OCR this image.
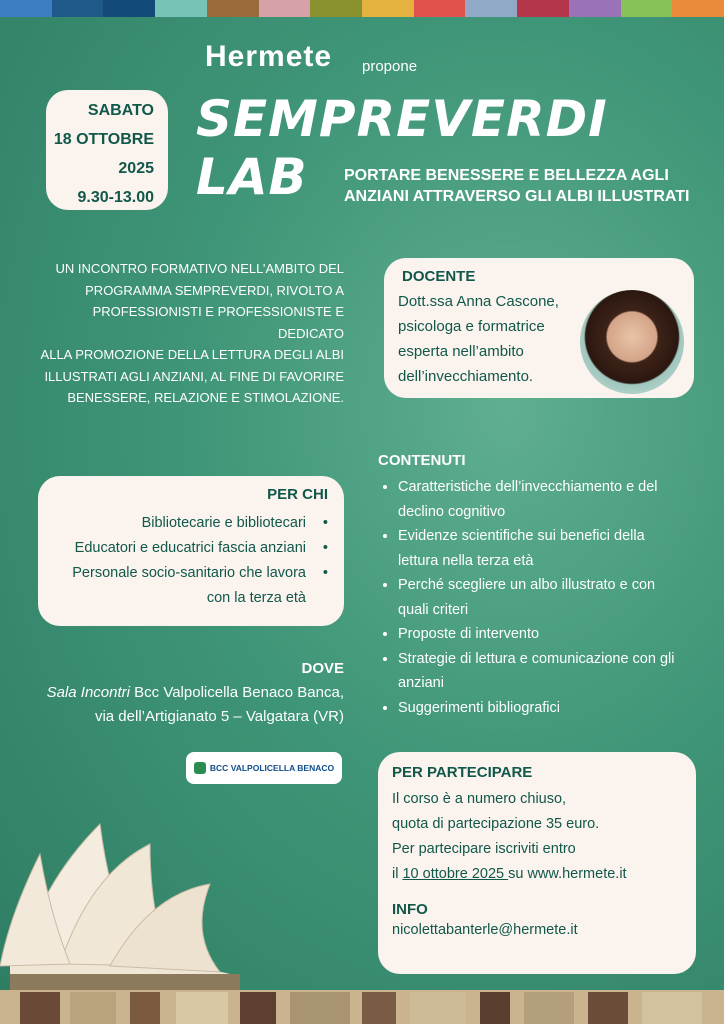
Hermete propone
SABATO
18 OTTOBRE
2025
9.30-13.00
SEMPREVERDI
LAB PORTARE BENESSERE E BELLEZZA AGLI
ANZIANI ATTRAVERSO GLI ALBI ILLUSTRATI
UN INCONTRO FORMATIVO NELL’AMBITO DEL
PROGRAMMA SEMPREVERDI, RIVOLTO A
PROFESSIONISTI E PROFESSIONISTE E DEDICATO
ALLA PROMOZIONE DELLA LETTURA DEGLI ALBI
ILLUSTRATI AGLI ANZIANI, AL FINE DI FAVORIRE
BENESSERE, RELAZIONE E STIMOLAZIONE.
DOCENTE
Dott.ssa Anna Cascone,
psicologa e formatrice
esperta nell’ambito
dell’invecchiamento.
PER CHI
Bibliotecarie e bibliotecari •
Educatori e educatrici fascia anziani •
Personale socio-sanitario che lavora con la terza età •
DOVE
Sala Incontri Bcc Valpolicella Benaco Banca,
via dell’Artigianato 5 – Valgatara (VR)
BCC
VALPOLICELLA BENACO
CONTENUTI
• Caratteristiche dell’invecchiamento e del declino cognitivo
• Evidenze scientifiche sui benefici della lettura nella terza età
• Perché scegliere un albo illustrato e con quali criteri
• Proposte di intervento
• Strategie di lettura e comunicazione con gli anziani
• Suggerimenti bibliografici
PER PARTECIPARE
Il corso è a numero chiuso,
quota di partecipazione 35 euro.
Per partecipare iscriviti entro
il 10 ottobre 2025 su www.hermete.it
INFO
nicolettabanterle@hermete.it
